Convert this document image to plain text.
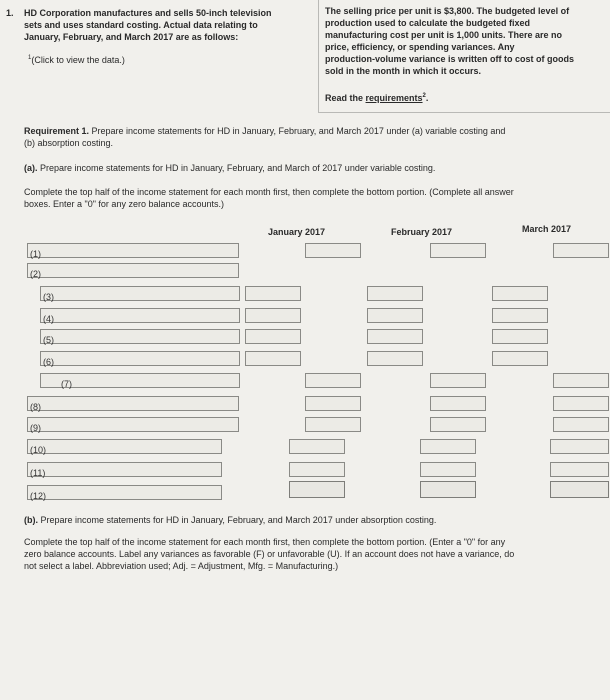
1. HD Corporation manufactures and sells 50-inch television
sets and uses standard costing. Actual data relating to
January, February, and March 2017 are as follows:
$^1$(Click to view the data.)
The selling price per unit is $3,800. The budgeted level of
production used to calculate the budgeted fixed
manufacturing cost per unit is 1,000 units. There are no
price, efficiency, or spending variances. Any
production-volume variance is written off to cost of goods
sold in the month in which it occurs.
Read the requirements$^2$.
Requirement 1. Prepare income statements for HD in January, February, and March 2017 under (a) variable costing and
(b) absorption costing.
(a). Prepare income statements for HD in January, February, and March of 2017 under variable costing.
Complete the top half of the income statement for each month first, then complete the bottom portion. (Complete all answer
boxes. Enter a "0" for any zero balance accounts.)
January 2017	February 2017	March 2017
(1)
(2)
(3)
(4)
(5)
(6)
(7)
(8)
(9)
(10)
(11)
(12)
(b). Prepare income statements for HD in January, February, and March 2017 under absorption costing.
Complete the top half of the income statement for each month first, then complete the bottom portion. (Enter a "0" for any
zero balance accounts. Label any variances as favorable (F) or unfavorable (U). If an account does not have a variance, do
not select a label. Abbreviation used; Adj. = Adjustment, Mfg. = Manufacturing.)
